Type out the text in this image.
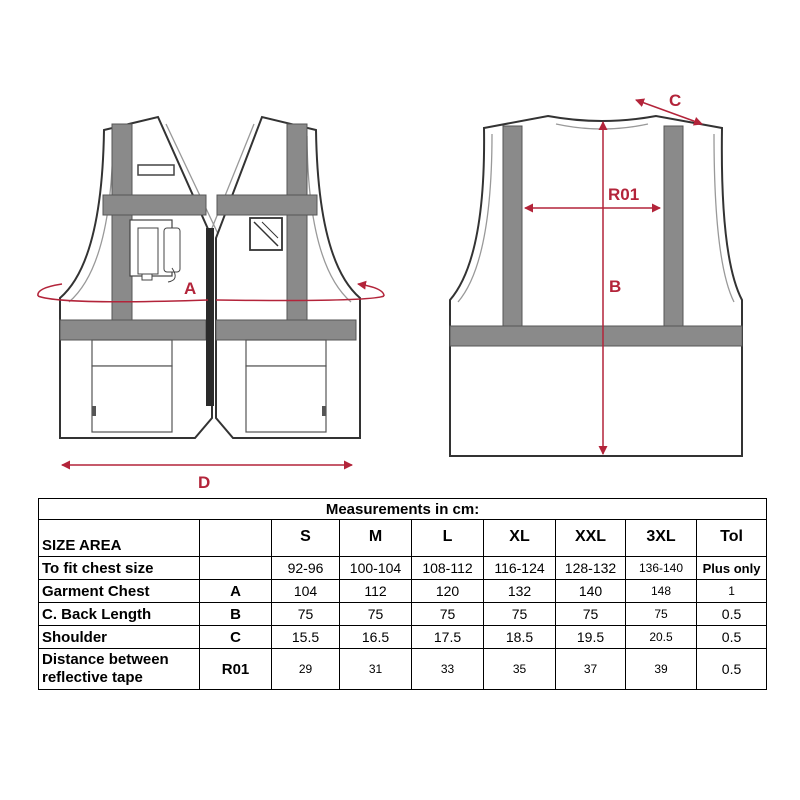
A
D
B
R01
C
Measurements in cm:								
SIZE AREA		S	M	L	XL	XXL	3XL	Tol
To fit chest size		92-96	100-104	108-112	116-124	128-132	136-140	Plus only
Garment Chest	A	104	112	120	132	140	148	1
C. Back Length	B	75	75	75	75	75	75	0.5
Shoulder	C	15.5	16.5	17.5	18.5	19.5	20.5	0.5
Distance between reflective tape	R01	29	31	33	35	37	39	0.5
